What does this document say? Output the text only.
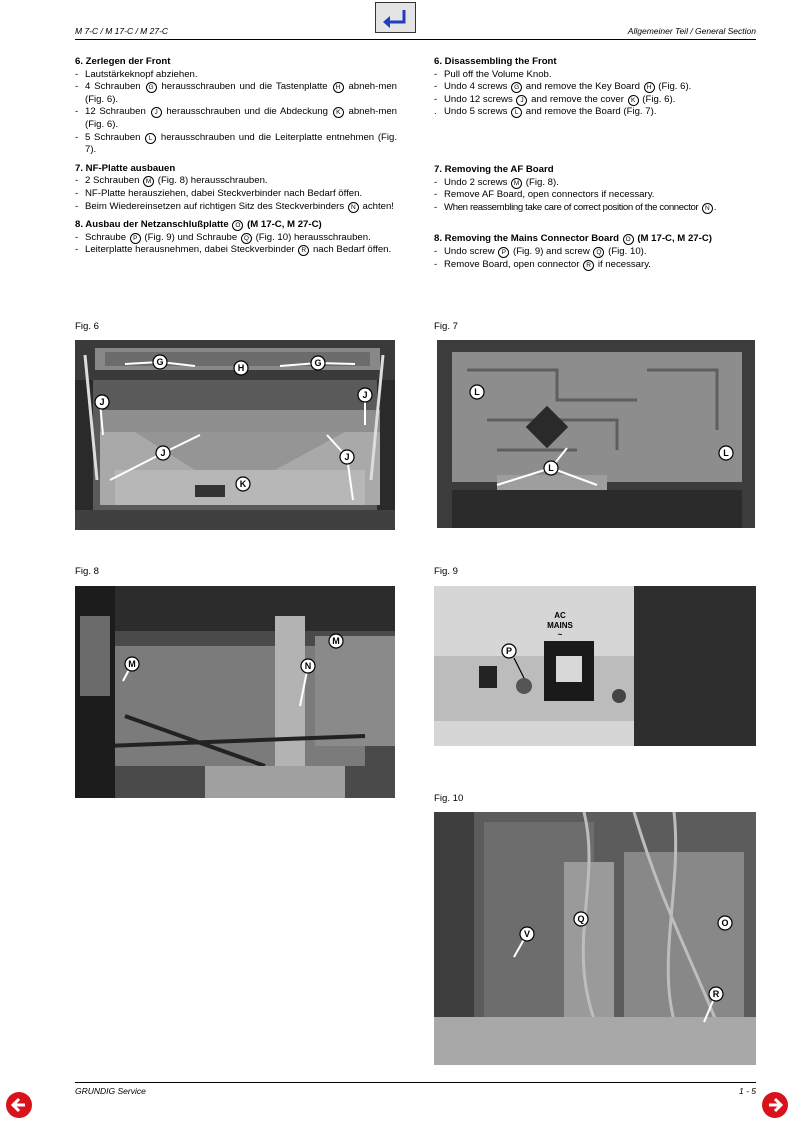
M 7-C / M 17-C / M 27-C	Allgemeiner Teil / General Section
6. Zerlegen der Front
- Lautstärkeknopf abziehen.
- 4 Schrauben G herausschrauben und die Tastenplatte H abneh-men (Fig. 6).
- 12 Schrauben J herausschrauben und die Abdeckung K abneh-men (Fig. 6).
- 5 Schrauben L herausschrauben und die Leiterplatte entnehmen (Fig. 7).
7. NF-Platte ausbauen
- 2 Schrauben M (Fig. 8) herausschrauben.
- NF-Platte herausziehen, dabei Steckverbinder nach Bedarf öffen.
- Beim Wiedereinsetzen auf richtigen Sitz des Steckverbinders N achten!
8. Ausbau der Netzanschlußplatte O (M 17-C, M 27-C)
- Schraube P (Fig. 9) und Schraube Q (Fig. 10) herausschrauben.
- Leiterplatte herausnehmen, dabei Steckverbinder R nach Bedarf öffen.
6. Disassembling the Front
- Pull off the Volume Knob.
- Undo 4 screws G and remove the Key Board H (Fig. 6).
- Undo 12 screws J and remove the cover K (Fig. 6).
. Undo 5 screws L and remove the Board (Fig. 7).
7. Removing the AF Board
- Undo 2 screws M (Fig. 8).
- Remove AF Board, open connectors if necessary.
- When reassembling take care of correct position of the connector N .
8. Removing the Mains Connector Board O (M 17-C, M 27-C)
- Undo screw P (Fig. 9) and screw Q (Fig. 10).
- Remove Board, open connector R if necessary.
Fig. 6
G
H	G
J
J
J	J
K
Fig. 7
L
L
L
Fig. 8
M
M
N
Fig. 9
AC
MAINS
~
P
Fig. 10
Q
V
O
R
GRUNDIG Service	1 - 5
